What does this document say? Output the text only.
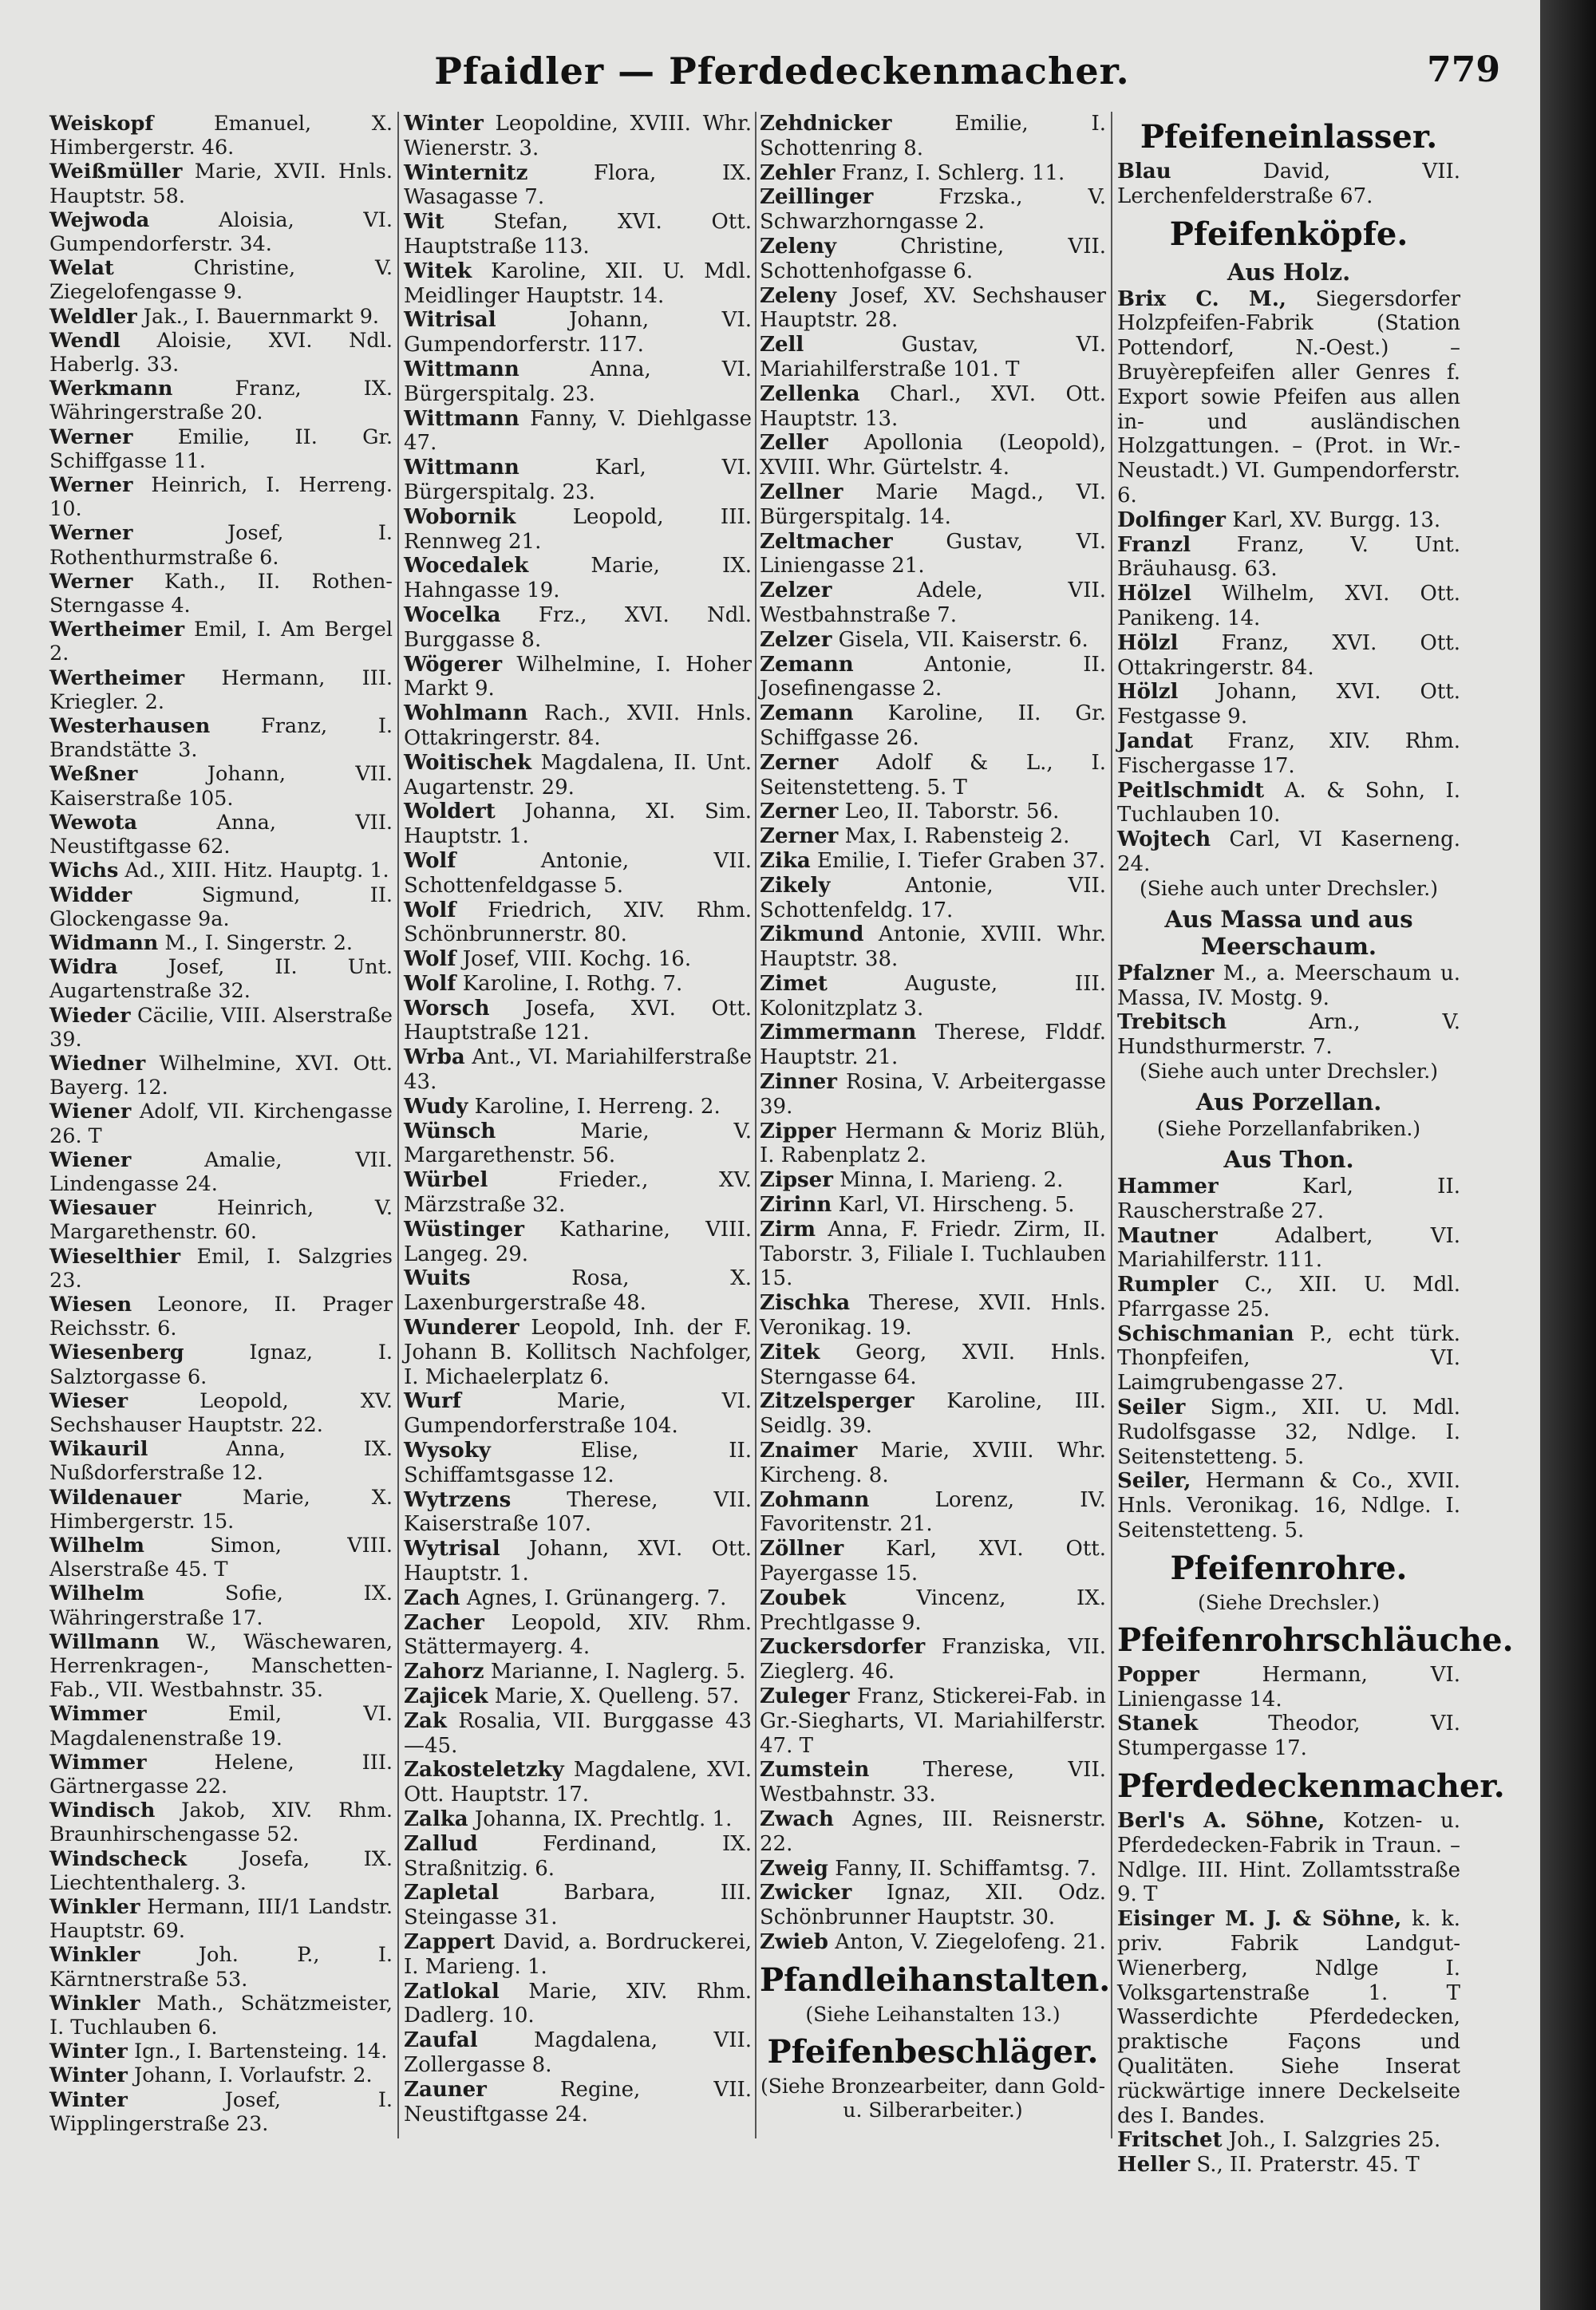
Pfaidler — Pferdedeckenmacher.	779
Weiskopf	Emanuel, X. Himbergerstr. 46.
Weißmüller Marie, XVII. Hnls. Hauptstr. 58.
Wejwoda	Aloisia, VI. Gumpendorferstr. 34.
Welat	Christine, V. Ziegelofengasse 9.
Weldler Jak., I. Bauernmarkt 9.
Wendl Aloisie, XVI. Ndl. Haberlg. 33.
Werkmann	Franz, IX. Währingerstraße 20.
Werner Emilie, II. Gr. Schiffgasse 11.
Werner Heinrich, I. Herreng. 10.
Werner	Josef, I. Rothenthurmstraße 6.
Werner Kath., II. Rothen-Sterngasse 4.
Wertheimer Emil, I. Am Bergel 2.
Wertheimer Hermann, III. Kriegler. 2.
Westerhausen Franz, I. Brandstätte 3.
Weßner	Johann, VII. Kaiserstraße 105.
Wewota	Anna, VII. Neustiftgasse 62.
Wichs Ad., XIII. Hitz. Hauptg. 1.
Widder	Sigmund, II. Glockengasse 9a.
Widmann M., I. Singerstr. 2.
Widra Josef, II. Unt. Augartenstraße 32.
Wieder Cäcilie, VIII. Alserstraße 39.
Wiedner Wilhelmine, XVI. Ott. Bayerg. 12.
Wiener Adolf, VII. Kirchengasse 26. T
Wiener	Amalie, VII. Lindengasse 24.
Wiesauer	Heinrich, V. Margarethenstr. 60.
Wieselthier Emil, I. Salzgries 23.
Wiesen Leonore, II. Prager Reichsstr. 6.
Wiesenberg	Ignaz, I. Salztorgasse 6.
Wieser	Leopold, XV. Sechshauser Hauptstr. 22.
Wikauril	Anna, IX. Nußdorferstraße 12.
Wildenauer	Marie, X. Himbergerstr. 15.
Wilhelm	Simon, VIII. Alserstraße 45. T
Wilhelm	Sofie, IX. Währingerstraße 17.
Willmann W., Wäschewaren, Herrenkragen-, Manschetten-Fab., VII. Westbahnstr. 35.
Wimmer	Emil, VI. Magdalenenstraße 19.
Wimmer	Helene, III. Gärtnergasse 22.
Windisch Jakob, XIV. Rhm. Braunhirschengasse 52.
Windscheck	Josefa, IX. Liechtenthalerg. 3.
Winkler Hermann, III/1 Landstr. Hauptstr. 69.
Winkler	Joh. P., I. Kärntnerstraße 53.
Winkler Math., Schätzmeister, I. Tuchlauben 6.
Winter Ign., I. Bartensteing. 14.
Winter Johann, I. Vorlaufstr. 2.
Winter	Josef, I. Wipplingerstraße 23.
Winter Leopoldine, XVIII. Whr. Wienerstr. 3.
Winternitz	Flora, IX. Wasagasse 7.
Wit Stefan, XVI. Ott. Hauptstraße 113.
Witek Karoline, XII. U. Mdl. Meidlinger Hauptstr. 14.
Witrisal	Johann, VI. Gumpendorferstr. 117.
Wittmann	Anna, VI. Bürgerspitalg. 23.
Wittmann Fanny, V. Diehlgasse 47.
Wittmann	Karl, VI. Bürgerspitalg. 23.
Wobornik	Leopold, III. Rennweg 21.
Wocedalek	Marie, IX. Hahngasse 19.
Wocelka Frz., XVI. Ndl. Burggasse 8.
Wögerer Wilhelmine, I. Hoher Markt 9.
Wohlmann Rach., XVII. Hnls. Ottakringerstr. 84.
Woitischek Magdalena, II. Unt. Augartenstr. 29.
Woldert Johanna, XI. Sim. Hauptstr. 1.
Wolf	Antonie, VII. Schottenfeldgasse 5.
Wolf Friedrich, XIV. Rhm. Schönbrunnerstr. 80.
Wolf Josef, VIII. Kochg. 16.
Wolf Karoline, I. Rothg. 7.
Worsch Josefa, XVI. Ott. Hauptstraße 121.
Wrba Ant., VI. Mariahilferstraße 43.
Wudy Karoline, I. Herreng. 2.
Wünsch	Marie, V. Margarethenstr. 56.
Würbel	Frieder., XV. Märzstraße 32.
Wüstinger Katharine, VIII. Langeg. 29.
Wuits	Rosa, X. Laxenburgerstraße 48.
Wunderer Leopold, Inh. der F. Johann B. Kollitsch Nachfolger, I. Michaelerplatz 6.
Wurf	Marie, VI. Gumpendorferstraße 104.
Wysoky	Elise, II. Schiffamtsgasse 12.
Wytrzens	Therese, VII. Kaiserstraße 107.
Wytrisal Johann, XVI. Ott. Hauptstr. 1.
Zach Agnes, I. Grünangerg. 7.
Zacher Leopold, XIV. Rhm. Stättermayerg. 4.
Zahorz Marianne, I. Naglerg. 5.
Zajicek Marie, X. Quelleng. 57.
Zak Rosalia, VII. Burggasse 43—45.
Zakosteletzky Magdalene, XVI. Ott. Hauptstr. 17.
Zalka Johanna, IX. Prechtlg. 1.
Zallud	Ferdinand, IX. Straßnitzig. 6.
Zapletal	Barbara, III. Steingasse 31.
Zappert David, a. Bordruckerei, I. Marieng. 1.
Zatlokal Marie, XIV. Rhm. Dadlerg. 10.
Zaufal	Magdalena, VII. Zollergasse 8.
Zauner	Regine, VII. Neustiftgasse 24.
Zehdnicker	Emilie, I. Schottenring 8.
Zehler Franz, I. Schlerg. 11.
Zeillinger	Frzska., V. Schwarzhorngasse 2.
Zeleny	Christine, VII. Schottenhofgasse 6.
Zeleny Josef, XV. Sechshauser Hauptstr. 28.
Zell	Gustav, VI. Mariahilferstraße 101. T
Zellenka Charl., XVI. Ott. Hauptstr. 13.
Zeller Apollonia (Leopold), XVIII. Whr. Gürtelstr. 4.
Zellner Marie Magd., VI. Bürgerspitalg. 14.
Zeltmacher	Gustav, VI. Liniengasse 21.
Zelzer	Adele, VII. Westbahnstraße 7.
Zelzer Gisela, VII. Kaiserstr. 6.
Zemann	Antonie, II. Josefinengasse 2.
Zemann Karoline, II. Gr. Schiffgasse 26.
Zerner Adolf & L., I. Seitenstetteng. 5. T
Zerner Leo, II. Taborstr. 56.
Zerner Max, I. Rabensteig 2.
Zika Emilie, I. Tiefer Graben 37.
Zikely	Antonie, VII. Schottenfeldg. 17.
Zikmund Antonie, XVIII. Whr. Hauptstr. 38.
Zimet	Auguste, III. Kolonitzplatz 3.
Zimmermann Therese, Flddf. Hauptstr. 21.
Zinner Rosina, V. Arbeitergasse 39.
Zipper Hermann & Moriz Blüh, I. Rabenplatz 2.
Zipser Minna, I. Marieng. 2.
Zirinn Karl, VI. Hirscheng. 5.
Zirm Anna, F. Friedr. Zirm, II. Taborstr. 3, Filiale I. Tuchlauben 15.
Zischka Therese, XVII. Hnls. Veronikag. 19.
Zitek Georg, XVII. Hnls. Sterngasse 64.
Zitzelsperger Karoline, III. Seidlg. 39.
Znaimer Marie, XVIII. Whr. Kircheng. 8.
Zohmann	Lorenz, IV. Favoritenstr. 21.
Zöllner Karl, XVI. Ott. Payergasse 15.
Zoubek	Vincenz, IX. Prechtlgasse 9.
Zuckersdorfer Franziska, VII. Zieglerg. 46.
Zuleger Franz, Stickerei-Fab. in Gr.-Siegharts, VI. Mariahilferstr. 47. T
Zumstein	Therese, VII. Westbahnstr. 33.
Zwach Agnes, III. Reisnerstr. 22.
Zweig Fanny, II. Schiffamtsg. 7.
Zwicker Ignaz, XII. Odz. Schönbrunner Hauptstr. 30.
Zwieb Anton, V. Ziegelofeng. 21.
Pfandleihanstalten.
(Siehe Leihanstalten 13.)
Pfeifenbeschläger.
(Siehe Bronzearbeiter, dann Gold- u. Silberarbeiter.)
Pfeifeneinlasser.
Blau	David, VII. Lerchenfelderstraße 67.
Pfeifenköpfe.
Aus Holz.
Brix C. M., Siegersdorfer Holzpfeifen-Fabrik (Station Pottendorf, N.-Oest.) – Bruyèrepfeifen aller Genres f. Export sowie Pfeifen aus allen in- und ausländischen Holzgattungen. – (Prot. in Wr.-Neustadt.) VI. Gumpendorferstr. 6.
Dolfinger Karl, XV. Burgg. 13.
Franzl Franz, V. Unt. Bräuhausg. 63.
Hölzel Wilhelm, XVI. Ott. Panikeng. 14.
Hölzl Franz, XVI. Ott. Ottakringerstr. 84.
Hölzl Johann, XVI. Ott. Festgasse 9.
Jandat Franz, XIV. Rhm. Fischergasse 17.
Peitlschmidt A. & Sohn, I. Tuchlauben 10.
Wojtech Carl, VI Kaserneng. 24.
(Siehe auch unter Drechsler.)
Aus Massa und aus Meerschaum.
Pfalzner M., a. Meerschaum u. Massa, IV. Mostg. 9.
Trebitsch	Arn., V. Hundsthurmerstr. 7.
(Siehe auch unter Drechsler.)
Aus Porzellan.
(Siehe Porzellanfabriken.)
Aus Thon.
Hammer	Karl, II. Rauscherstraße 27.
Mautner	Adalbert, VI. Mariahilferstr. 111.
Rumpler C., XII. U. Mdl. Pfarrgasse 25.
Schischmanian P., echt türk. Thonpfeifen, VI. Laimgrubengasse 27.
Seiler Sigm., XII. U. Mdl. Rudolfsgasse 32, Ndlge. I. Seitenstetteng. 5.
Seiler, Hermann & Co., XVII. Hnls. Veronikag. 16, Ndlge. I. Seitenstetteng. 5.
Pfeifenrohre.
(Siehe Drechsler.)
Pfeifenrohrschläuche.
Popper	Hermann, VI. Liniengasse 14.
Stanek	Theodor, VI. Stumpergasse 17.
Pferdedeckenmacher.
Berl's A. Söhne, Kotzen- u. Pferdedecken-Fabrik in Traun. – Ndlge. III. Hint. Zollamtsstraße 9. T
Eisinger M. J. & Söhne, k. k. priv. Fabrik Landgut-Wienerberg, Ndlge I. Volksgartenstraße 1. T Wasserdichte Pferdedecken, praktische Façons und Qualitäten. Siehe Inserat rückwärtige innere Deckelseite des I. Bandes.
Fritschet Joh., I. Salzgries 25.
Heller S., II. Praterstr. 45. T
